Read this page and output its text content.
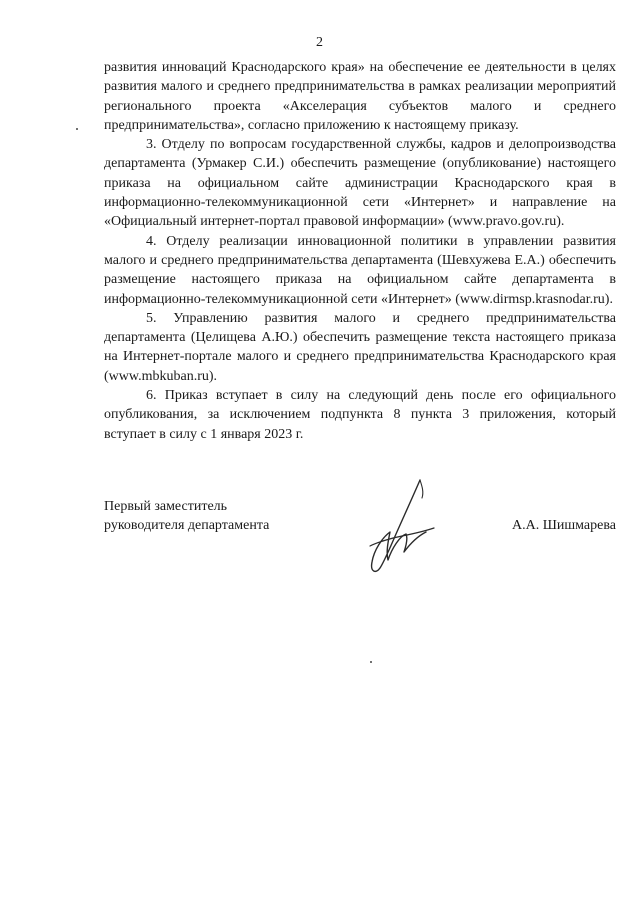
2

развития инноваций Краснодарского края» на обеспечение ее деятельности в целях развития малого и среднего предпринимательства в рамках реализации мероприятий регионального проекта «Акселерация субъектов малого и среднего предпринимательства», согласно приложению к настоящему приказу.

3. Отделу по вопросам государственной службы, кадров и делопроизводства департамента (Урмакер С.И.) обеспечить размещение (опубликование) настоящего приказа на официальном сайте администрации Краснодарского края в информационно-телекоммуникационной сети «Интернет» и направление на «Официальный интернет-портал правовой информации» (www.pravo.gov.ru).

4. Отделу реализации инновационной политики в управлении развития малого и среднего предпринимательства департамента (Шевхужева Е.А.) обеспечить размещение настоящего приказа на официальном сайте департамента в информационно-телекоммуникационной сети «Интернет» (www.dirmsp.krasnodar.ru).

5. Управлению развития малого и среднего предпринимательства департамента (Целищева А.Ю.) обеспечить размещение текста настоящего приказа на Интернет-портале малого и среднего предпринимательства Краснодарского края (www.mbkuban.ru).

6. Приказ вступает в силу на следующий день после его официального опубликования, за исключением подпункта 8 пункта 3 приложения, который вступает в силу с 1 января 2023 г.

Первый заместитель
руководителя департамента	А.А. Шишмарева
